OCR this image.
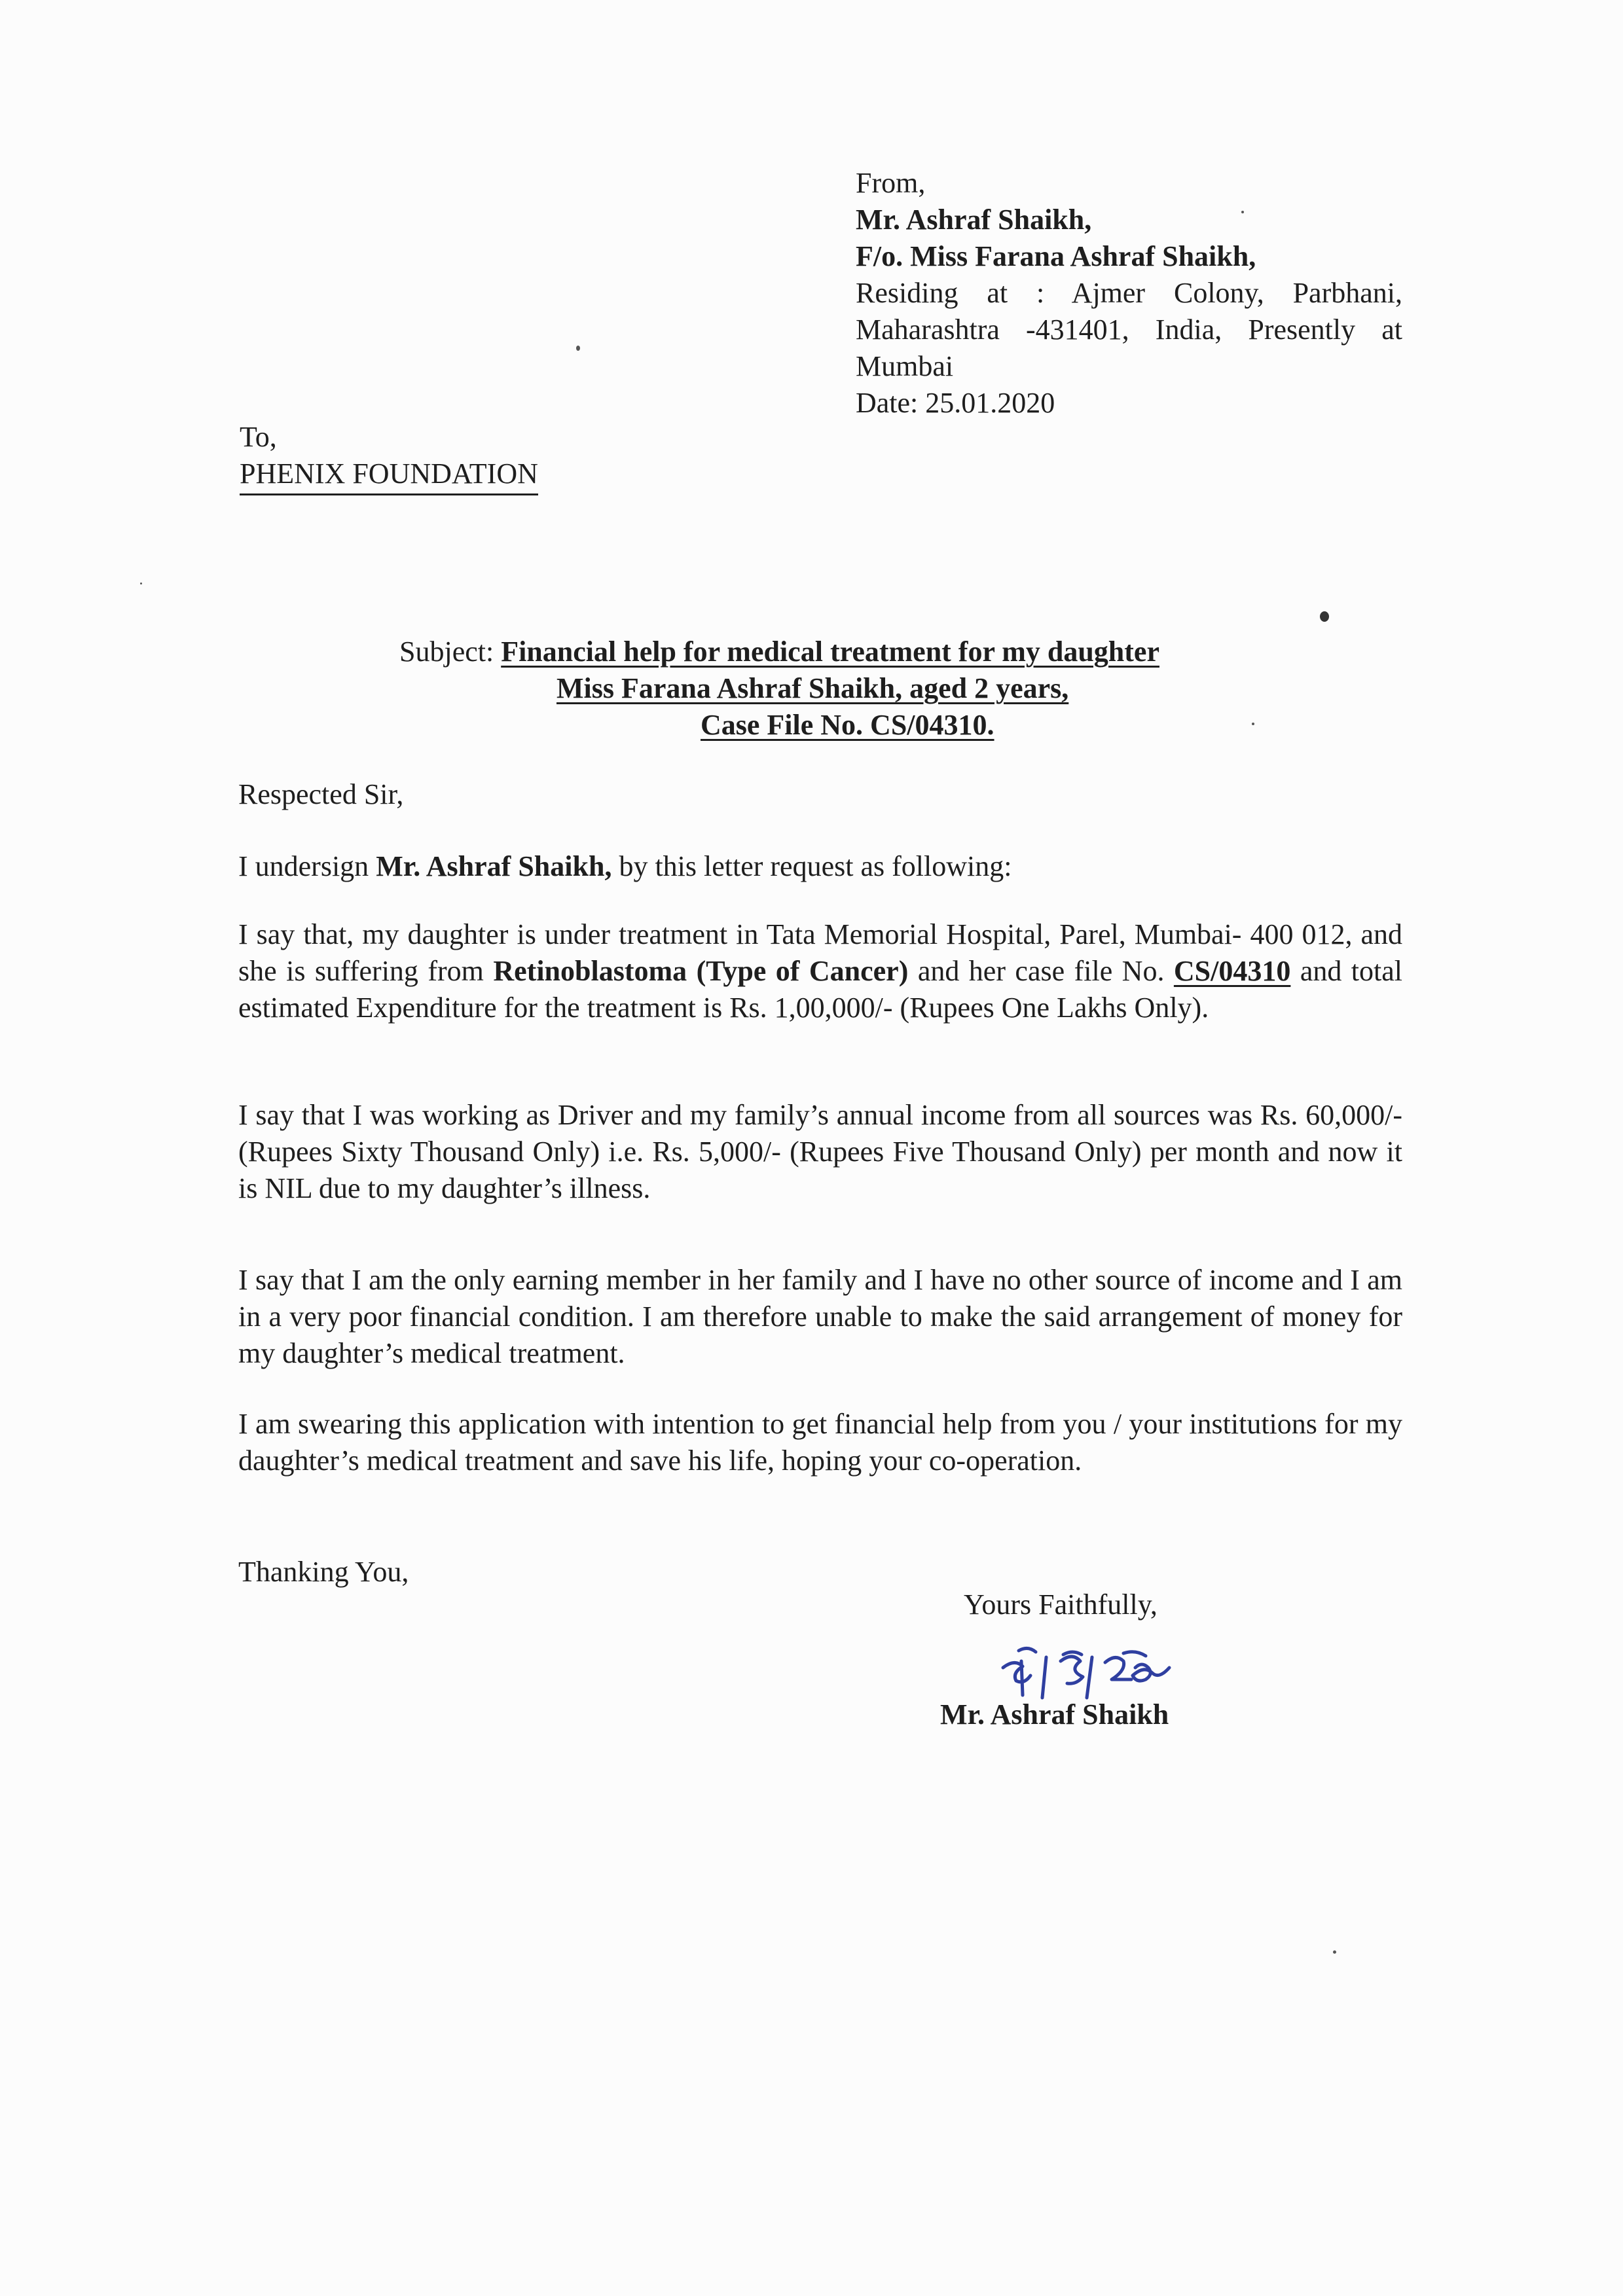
From,
Mr. Ashraf Shaikh,
F/o. Miss Farana Ashraf Shaikh,
Residing at : Ajmer Colony, Parbhani,
Maharashtra -431401, India, Presently at
Mumbai
Date: 25.01.2020
To,
PHENIX FOUNDATION
Subject: Financial help for medical treatment for my daughter
Miss Farana Ashraf Shaikh, aged 2 years,
Case File No. CS/04310.
Respected Sir,
I undersign Mr. Ashraf Shaikh, by this letter request as following:
I say that, my daughter is under treatment in Tata Memorial Hospital, Parel, Mumbai- 400 012, and she is suffering from Retinoblastoma (Type of Cancer) and her case file No. CS/04310 and total estimated Expenditure for the treatment is Rs. 1,00,000/- (Rupees One Lakhs Only).
I say that I was working as Driver and my family’s annual income from all sources was Rs. 60,000/- (Rupees Sixty Thousand Only) i.e. Rs. 5,000/- (Rupees Five Thousand Only) per month and now it is NIL due to my daughter’s illness.
I say that I am the only earning member in her family and I have no other source of income and I am in a very poor financial condition. I am therefore unable to make the said arrangement of money for my daughter’s medical treatment.
I am swearing this application with intention to get financial help from you / your institutions for my daughter’s medical treatment and save his life, hoping your co-operation.
Thanking You,
Yours Faithfully,
Mr. Ashraf Shaikh
